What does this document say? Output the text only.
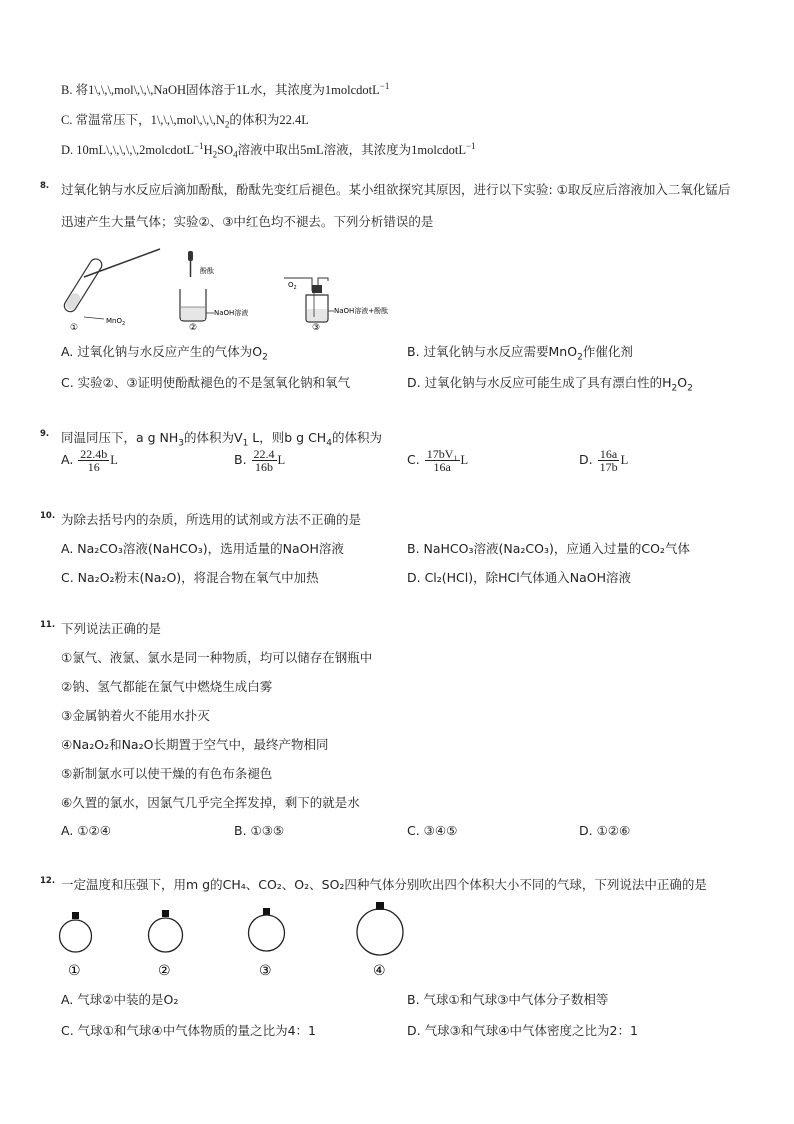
B. 将1\,\,\,mol\,\,\,NaOH固体溶于1L水，其浓度为1molcdotL$^{-1}$
C. 常温常压下，$1\backslash,\backslash,\backslash,mol\backslash,\backslash,\backslash,N_2$的体积为22.4L
D. $10mL\backslash,\backslash,\backslash,\backslash,\backslash,2molcdotL^{-1}H_2SO_4$溶液中取出5mL溶液，其浓度为1molcdotL$^{-1}$
8. 过氧化钠与水反应后滴加酚酞，酚酞先变红后褪色。某小组欲探究其原因，进行以下实验: ①取反应后溶液加入二氧化锰后
迅速产生大量气体；实验②、③中红色均不褪去。下列分析错误的是
MnO$_2$
①
酚酞
NaOH溶液
②
$O_2$
NaOH溶液+酚酞
③
A. 过氧化钠与水反应产生的气体为$O_2$	B. 过氧化钠与水反应需要MnO$_2$作催化剂
C. 实验②、③证明使酚酞褪色的不是氢氧化钠和氧气	D. 过氧化钠与水反应可能生成了具有漂白性的$H_2O_2$
9. 同温同压下，a g $NH_3$的体积为$V_1$ L，则b g $CH_4$的体积为
A. $\frac{22.4b}{16}$ L	B. $\frac{22.4}{16b}$ L	C. $\frac{\text{17bV₁}}{16a}$ L	D. $\frac{16a}{17b}$ L
10. 为除去括号内的杂质，所选用的试剂或方法不正确的是
A. Na₂CO₃溶液(NaHCO₃)，选用适量的NaOH溶液	B. NaHCO₃溶液(Na₂CO₃)，应通入过量的CO₂气体
C. Na₂O₂粉末(Na₂O)，将混合物在氧气中加热	D. Cl₂(HCl)，除HCl气体通入NaOH溶液
11. 下列说法正确的是
①氯气、液氯、氯水是同一种物质，均可以储存在钢瓶中
②钠、氢气都能在氯气中燃烧生成白雾
③金属钠着火不能用水扑灭
④Na₂O₂和Na₂O长期置于空气中，最终产物相同
⑤新制氯水可以使干燥的有色布条褪色
⑥久置的氯水，因氯气几乎完全挥发掉，剩下的就是水
A. ①②④	B. ①③⑤	C. ③④⑤	D. ①②⑥
12. 一定温度和压强下，用m g的CH₄、CO₂、O₂、SO₂四种气体分别吹出四个体积大小不同的气球，下列说法中正确的是
①	②	③	④
A. 气球②中装的是O₂	B. 气球①和气球③中气体分子数相等
C. 气球①和气球④中气体物质的量之比为4：1	D. 气球③和气球④中气体密度之比为2：1
